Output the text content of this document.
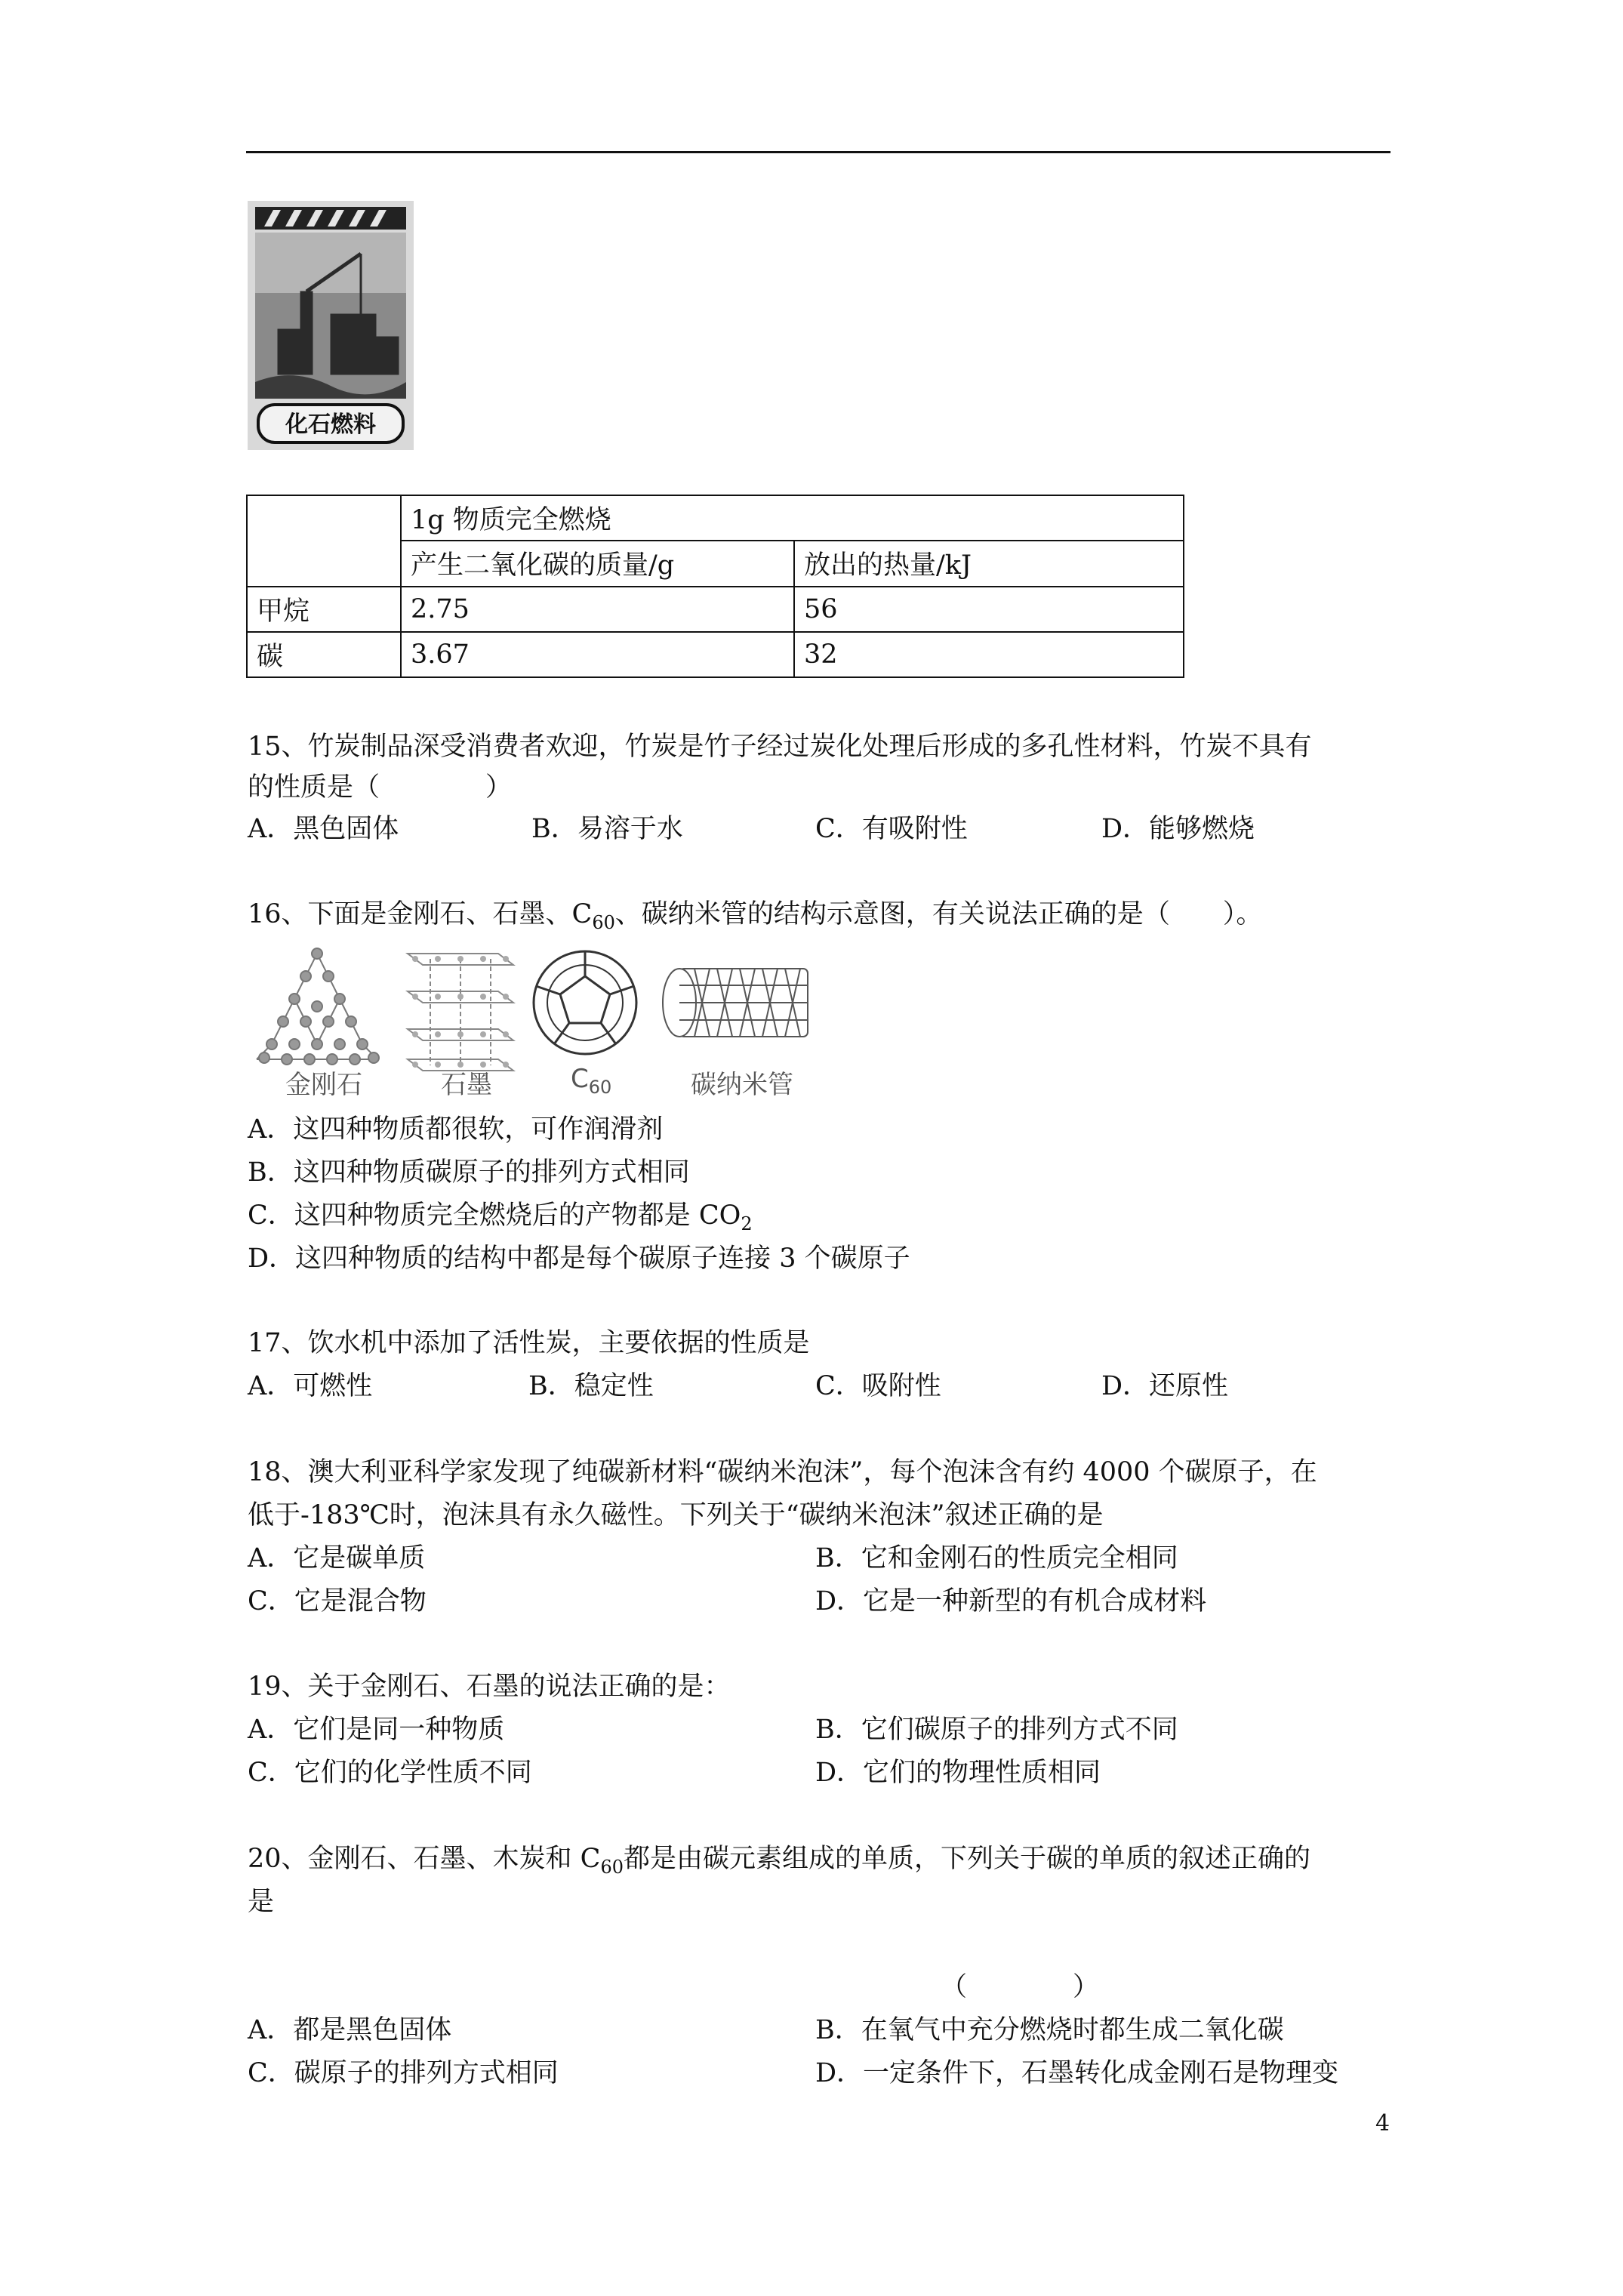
化石燃料
	1g 物质完全燃烧	
	产生二氧化碳的质量/g	放出的热量/kJ
甲烷	2.75	56
碳	3.67	32
15、竹炭制品深受消费者欢迎，竹炭是竹子经过炭化处理后形成的多孔性材料，竹炭不具有
的性质是（　　　　）
A．黑色固体	B．易溶于水	C．有吸附性	D．能够燃烧
16、下面是金刚石、石墨、$C_{60}$、碳纳米管的结构示意图，有关说法正确的是（　　）。
金刚石	石墨	$C_{60}$	碳纳米管
A．这四种物质都很软，可作润滑剂
B．这四种物质碳原子的排列方式相同
C．这四种物质完全燃烧后的产物都是 $CO_2$
D．这四种物质的结构中都是每个碳原子连接 3 个碳原子
17、饮水机中添加了活性炭，主要依据的性质是
A．可燃性	B．稳定性	C．吸附性	D．还原性
18、澳大利亚科学家发现了纯碳新材料“碳纳米泡沫”，每个泡沫含有约 4000 个碳原子，在
低于-183℃时，泡沫具有永久磁性。下列关于“碳纳米泡沫”叙述正确的是
A．它是碳单质	B．它和金刚石的性质完全相同
C．它是混合物	D．它是一种新型的有机合成材料
19、关于金刚石、石墨的说法正确的是：
A．它们是同一种物质	B．它们碳原子的排列方式不同
C．它们的化学性质不同	D．它们的物理性质相同
20、金刚石、石墨、木炭和 $C_{60}$都是由碳元素组成的单质，下列关于碳的单质的叙述正确的
是
（　　　　）
A．都是黑色固体	B．在氧气中充分燃烧时都生成二氧化碳
C．碳原子的排列方式相同	D．一定条件下，石墨转化成金刚石是物理变
4
